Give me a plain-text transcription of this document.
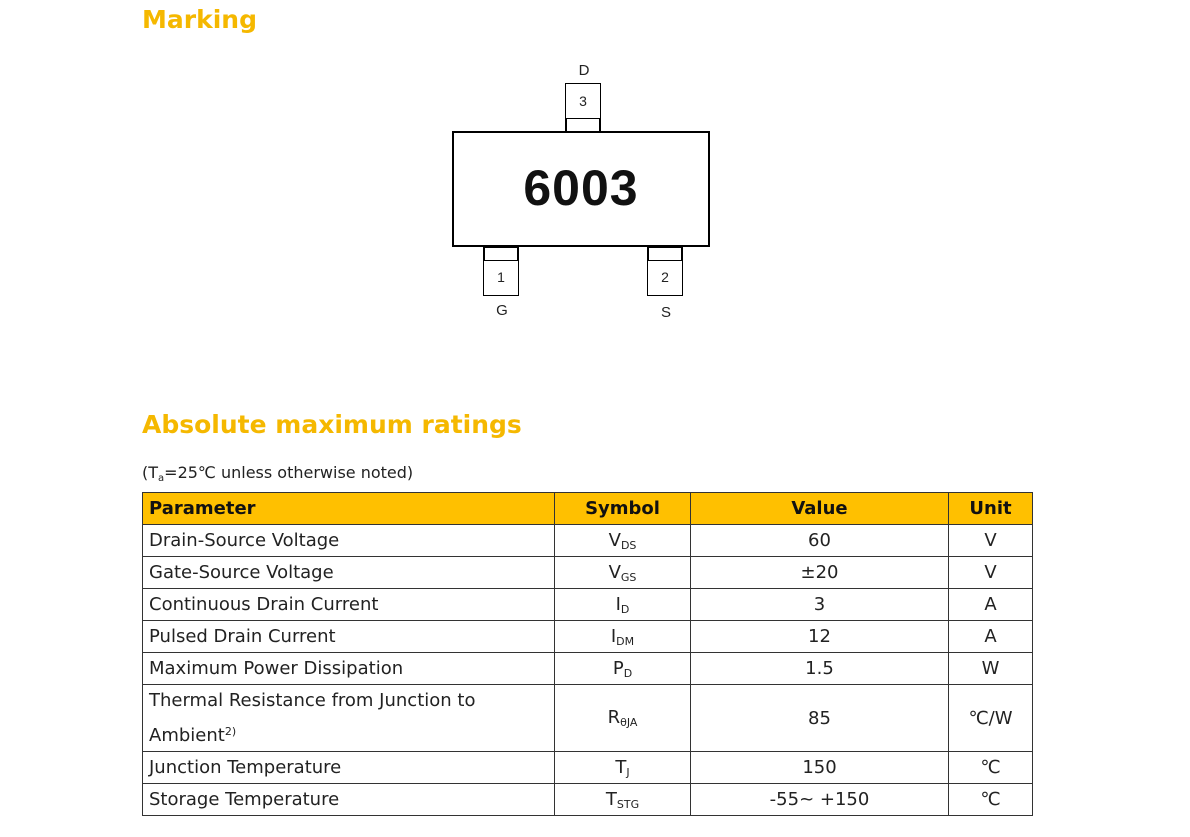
Marking
D
3
6003
1
G
2
S
Absolute maximum ratings
($T_a=25℃$ unless otherwise noted)
Parameter	Symbol	Value	Unit
Drain-Source Voltage	VDS	60	V
Gate-Source Voltage	VGS	±20	V
Continuous Drain Current	ID	3	A
Pulsed Drain Current	IDM	12	A
Maximum Power Dissipation	PD	1.5	W
Thermal Resistance from Junction to Ambient$^{2)}$	RθJA	85	℃/W
Junction Temperature	TJ	150	℃
Storage Temperature	TSTG	-55~ +150	℃
